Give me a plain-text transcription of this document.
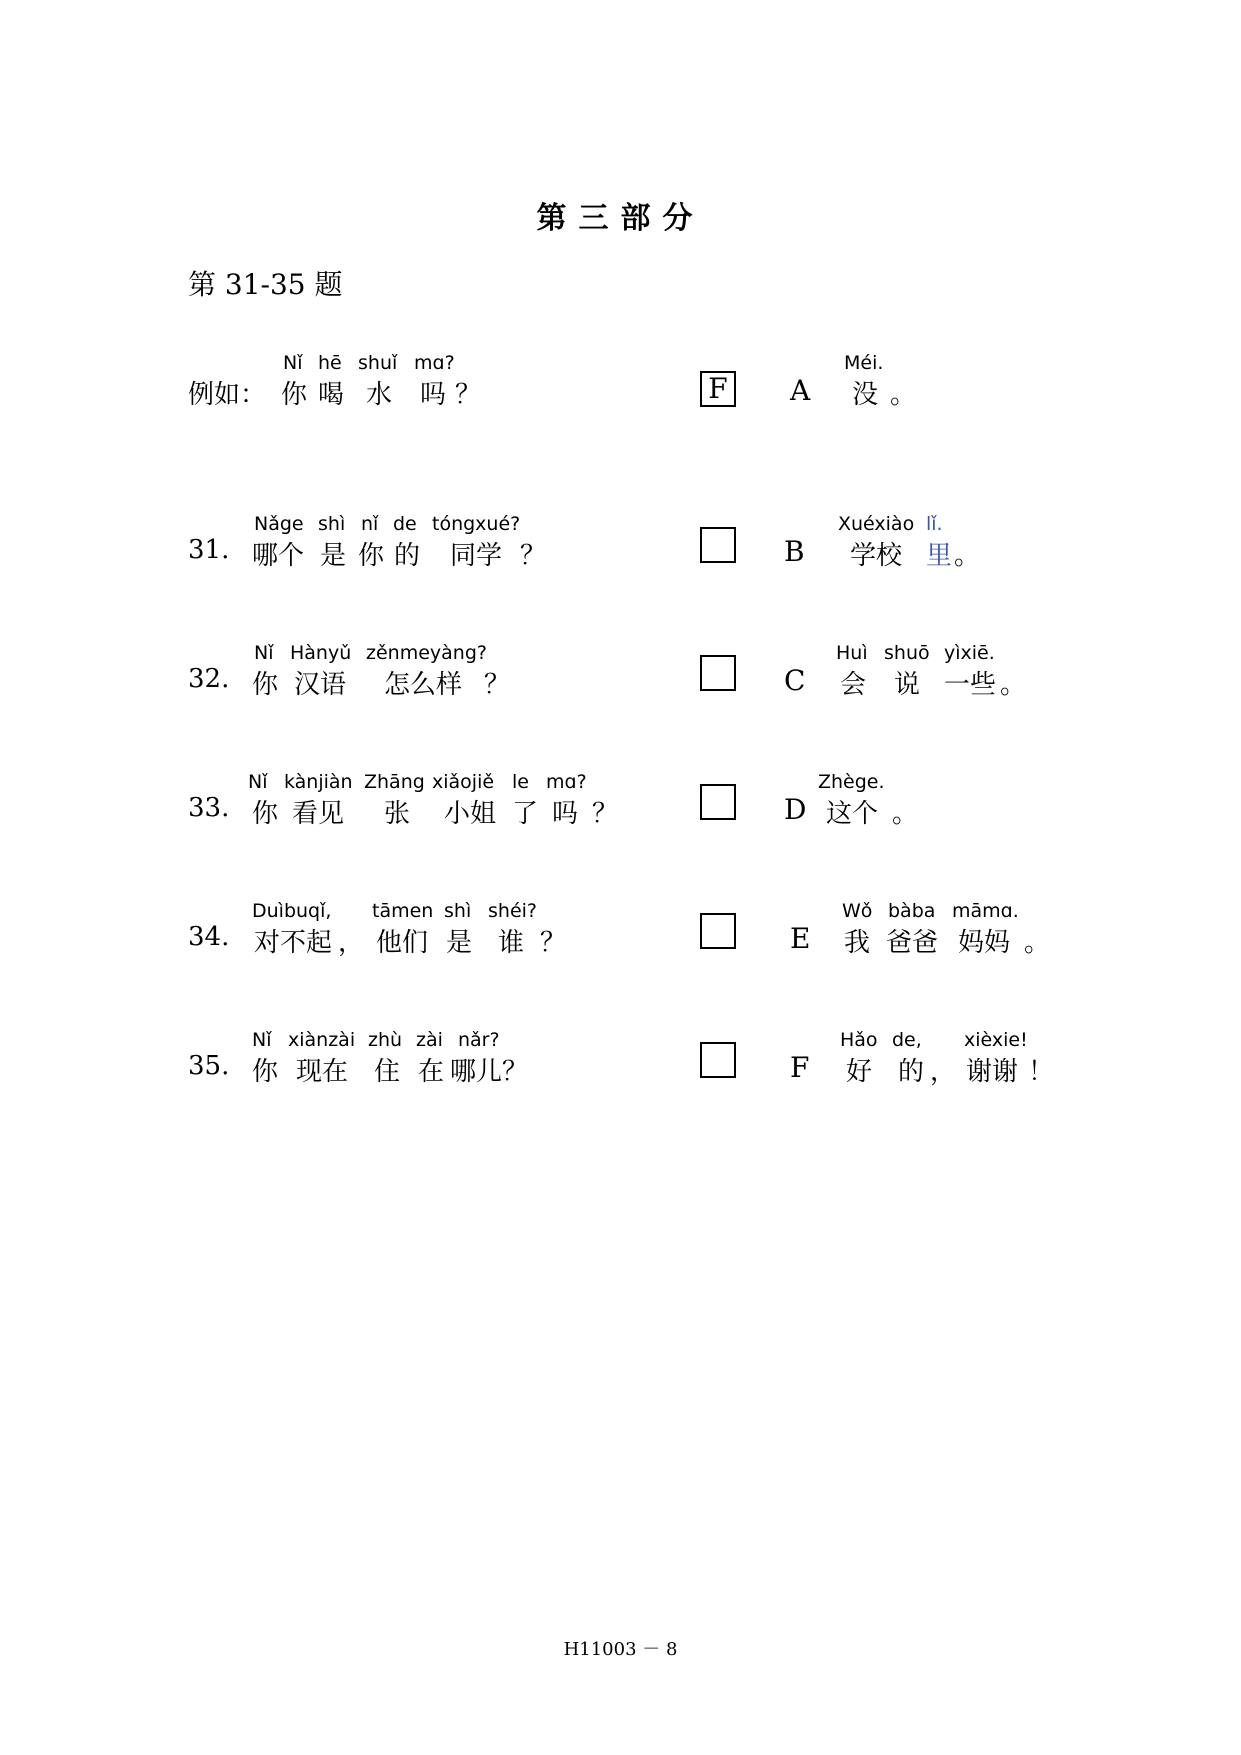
第三部分
第 31-35 题
例如：
Nǐ hē shuǐ mɑ?
你 喝 水 吗 ？	F
31.
Nǎge shì nǐ de tóngxué?
哪个 是 你 的 同学 ？
32.
Nǐ Hànyǔ zěnmeyàng?
你 汉语 怎么样 ？
33.
Nǐ kànjiàn Zhāng xiǎojiě le mɑ?
你 看见 张 小姐 了 吗 ？
34.
Duìbuqǐ, tāmen shì shéi?
对不起 ， 他们 是 谁 ？
35.
Nǐ xiànzài zhù zài nǎr?
你 现在 住 在 哪儿？
A
Méi.
没 。
B
Xuéxiào lǐ.
学校 里 。
C
Huì shuō yìxiē.
会 说 一些 。
D
Zhège.
这个 。
E
Wǒ bàba māmɑ.
我 爸爸 妈妈 。
F
Hǎo de, xièxie!
好 的 ， 谢谢 ！
H11003 － 8
